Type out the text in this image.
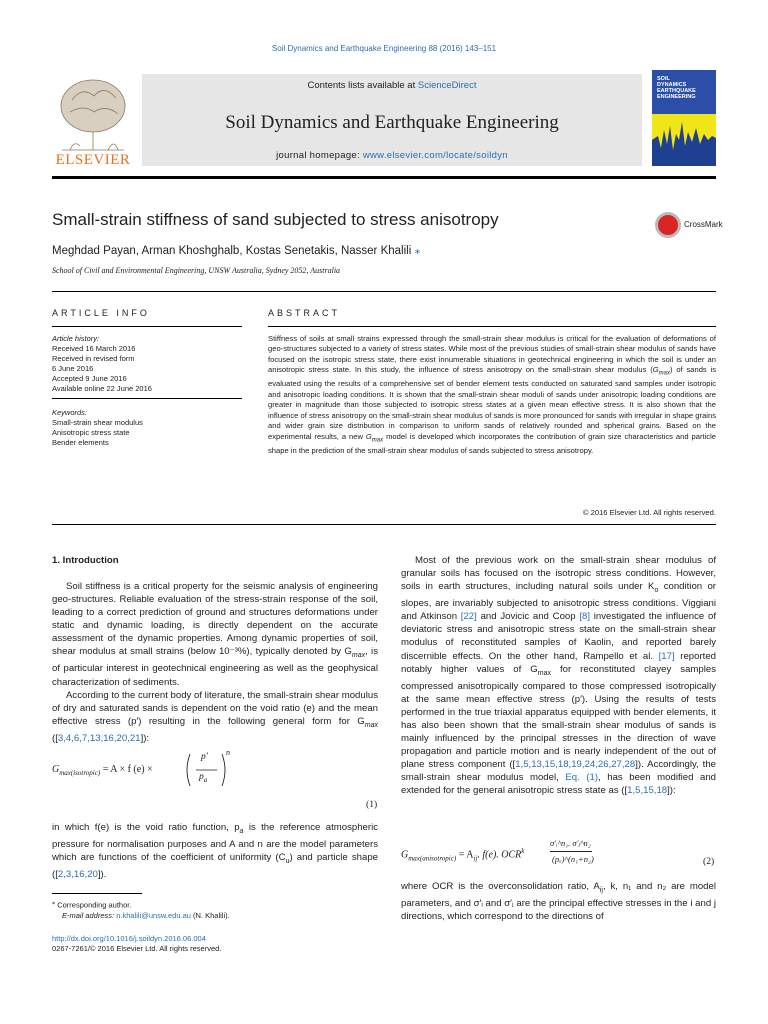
Soil Dynamics and Earthquake Engineering 88 (2016) 143–151
ELSEVIER
Contents lists available at ScienceDirect
Soil Dynamics and Earthquake Engineering
journal homepage: www.elsevier.com/locate/soildyn
SOIL
DYNAMICS
EARTHQUAKE
ENGINEERING
Small-strain stiffness of sand subjected to stress anisotropy	CrossMark
Meghdad Payan, Arman Khoshghalb, Kostas Senetakis, Nasser Khalili ⁎
School of Civil and Environmental Engineering, UNSW Australia, Sydney 2052, Australia
ARTICLE INFO	ABSTRACT
Article history:
Received 16 March 2016
Received in revised form
6 June 2016
Accepted 9 June 2016
Available online 22 June 2016
Keywords:
Small-strain shear modulus
Anisotropic stress state
Bender elements
Stiffness of soils at small strains expressed through the small-strain shear modulus is critical for the evaluation of deformations of geo-structures subjected to a variety of stress states. While most of the previous studies of small-strain shear modulus of sands have focused on the isotropic stress state, there exist innumerable situations in geotechnical engineering in which the soil is under an anisotropic stress state. In this study, the influence of stress anisotropy on the small-strain shear modulus $(G_{max})$ of sands is evaluated using the results of a comprehensive set of bender element tests conducted on saturated sand samples under isotropic and anisotropic loading conditions. It is shown that the small-strain shear moduli of sands under anisotropic loading conditions are greater in magnitude than those subjected to isotropic stress states at a given mean effective stress. It is also shown that the influence of stress anisotropy on the small-strain shear modulus of sands is more pronounced for sands with irregular in shape grains and wider grain size distribution in comparison to uniform sands of relatively rounded and spherical grains. Based on the experimental results, a new $G_{max}$ model is developed which incorporates the contribution of grain size characteristics and particle shape in the prediction of the small-strain shear modulus of sands subjected to stress anisotropy.
© 2016 Elsevier Ltd. All rights reserved.
1. Introduction

Soil stiffness is a critical property for the seismic analysis of engineering geo-structures. Reliable evaluation of the stress-strain response of the soil, leading to a correct prediction of ground and structures deformations under static and dynamic loading, is directly dependent on the accurate assessment of the dynamic properties. Among dynamic properties of soil, shear modulus at small strains (below 10⁻³%), typically denoted by $G_{max}$, is of particular interest in geotechnical engineering as well as the geophysical characterization of sediments.

According to the current body of literature, the small-strain shear modulus of dry and saturated sands is dependent on the void ratio (e) and the mean effective stress (p′) resulting in the following general form for $G_{max}$ ([3,4,6,7,13,16,20,21]):

$G_{max(isotropic)} = A \times f$ (e) ×
p′
$p_a$
n
(1)
in which f(e) is the void ratio function, $p_a$ is the reference atmospheric pressure for normalisation purposes and A and n are the model parameters which are functions of the coefficient of uniformity $(C_u)$ and particle shape ([2,3,16,20]).

Most of the previous work on the small-strain shear modulus of granular soils has focused on the isotropic stress conditions. However, soils in earth structures, including natural soils under $K_o$ condition or slopes, are invariably subjected to anisotropic stress conditions. Viggiani and Atkinson [22] and Jovicic and Coop [8] investigated the influence of deviatoric stress and anisotropic stress state on the small-strain shear modulus of reconstituted samples of Kaolin, and reported barely discernible effects. On the other hand, Rampello et al. [17] reported notably higher values of $G_{max}$ for reconstituted clayey samples compressed anisotropically compared to those compressed isotropically at the same mean effective stress (p′). Using the results of tests performed in the true triaxial apparatus equipped with bender elements, it has also been shown that the small-strain shear modulus of sands is mainly influenced by the principal stresses in the direction of wave propagation and particle motion and is nearly independent of the out of plane stress component ([1,5,13,15,18,19,24,26,27,28]). Accordingly, the small-strain shear modulus model, Eq. (1), has been modified and extended for the general anisotropic stress state as ([1,5,15,18]):

$G_{max(anisotropic)} = A_{ij}$. f(e). OCR$^k$
σ′ᵢ^n₁. σ′ⱼ^n₂
(pₐ)^(n₁+n₂)	(2)
where OCR is the overconsolidation ratio, $A_{ij}$, k, n₁ and n₂ are model parameters, and σ′ᵢ and σ′ⱼ are the principal effective stresses in the i and j directions, which correspond to the directions of
⁎ Corresponding author.
E-mail address: n.khalili@unsw.edu.au (N. Khalili).
http://dx.doi.org/10.1016/j.soildyn.2016.06.004
0267-7261/© 2016 Elsevier Ltd. All rights reserved.
